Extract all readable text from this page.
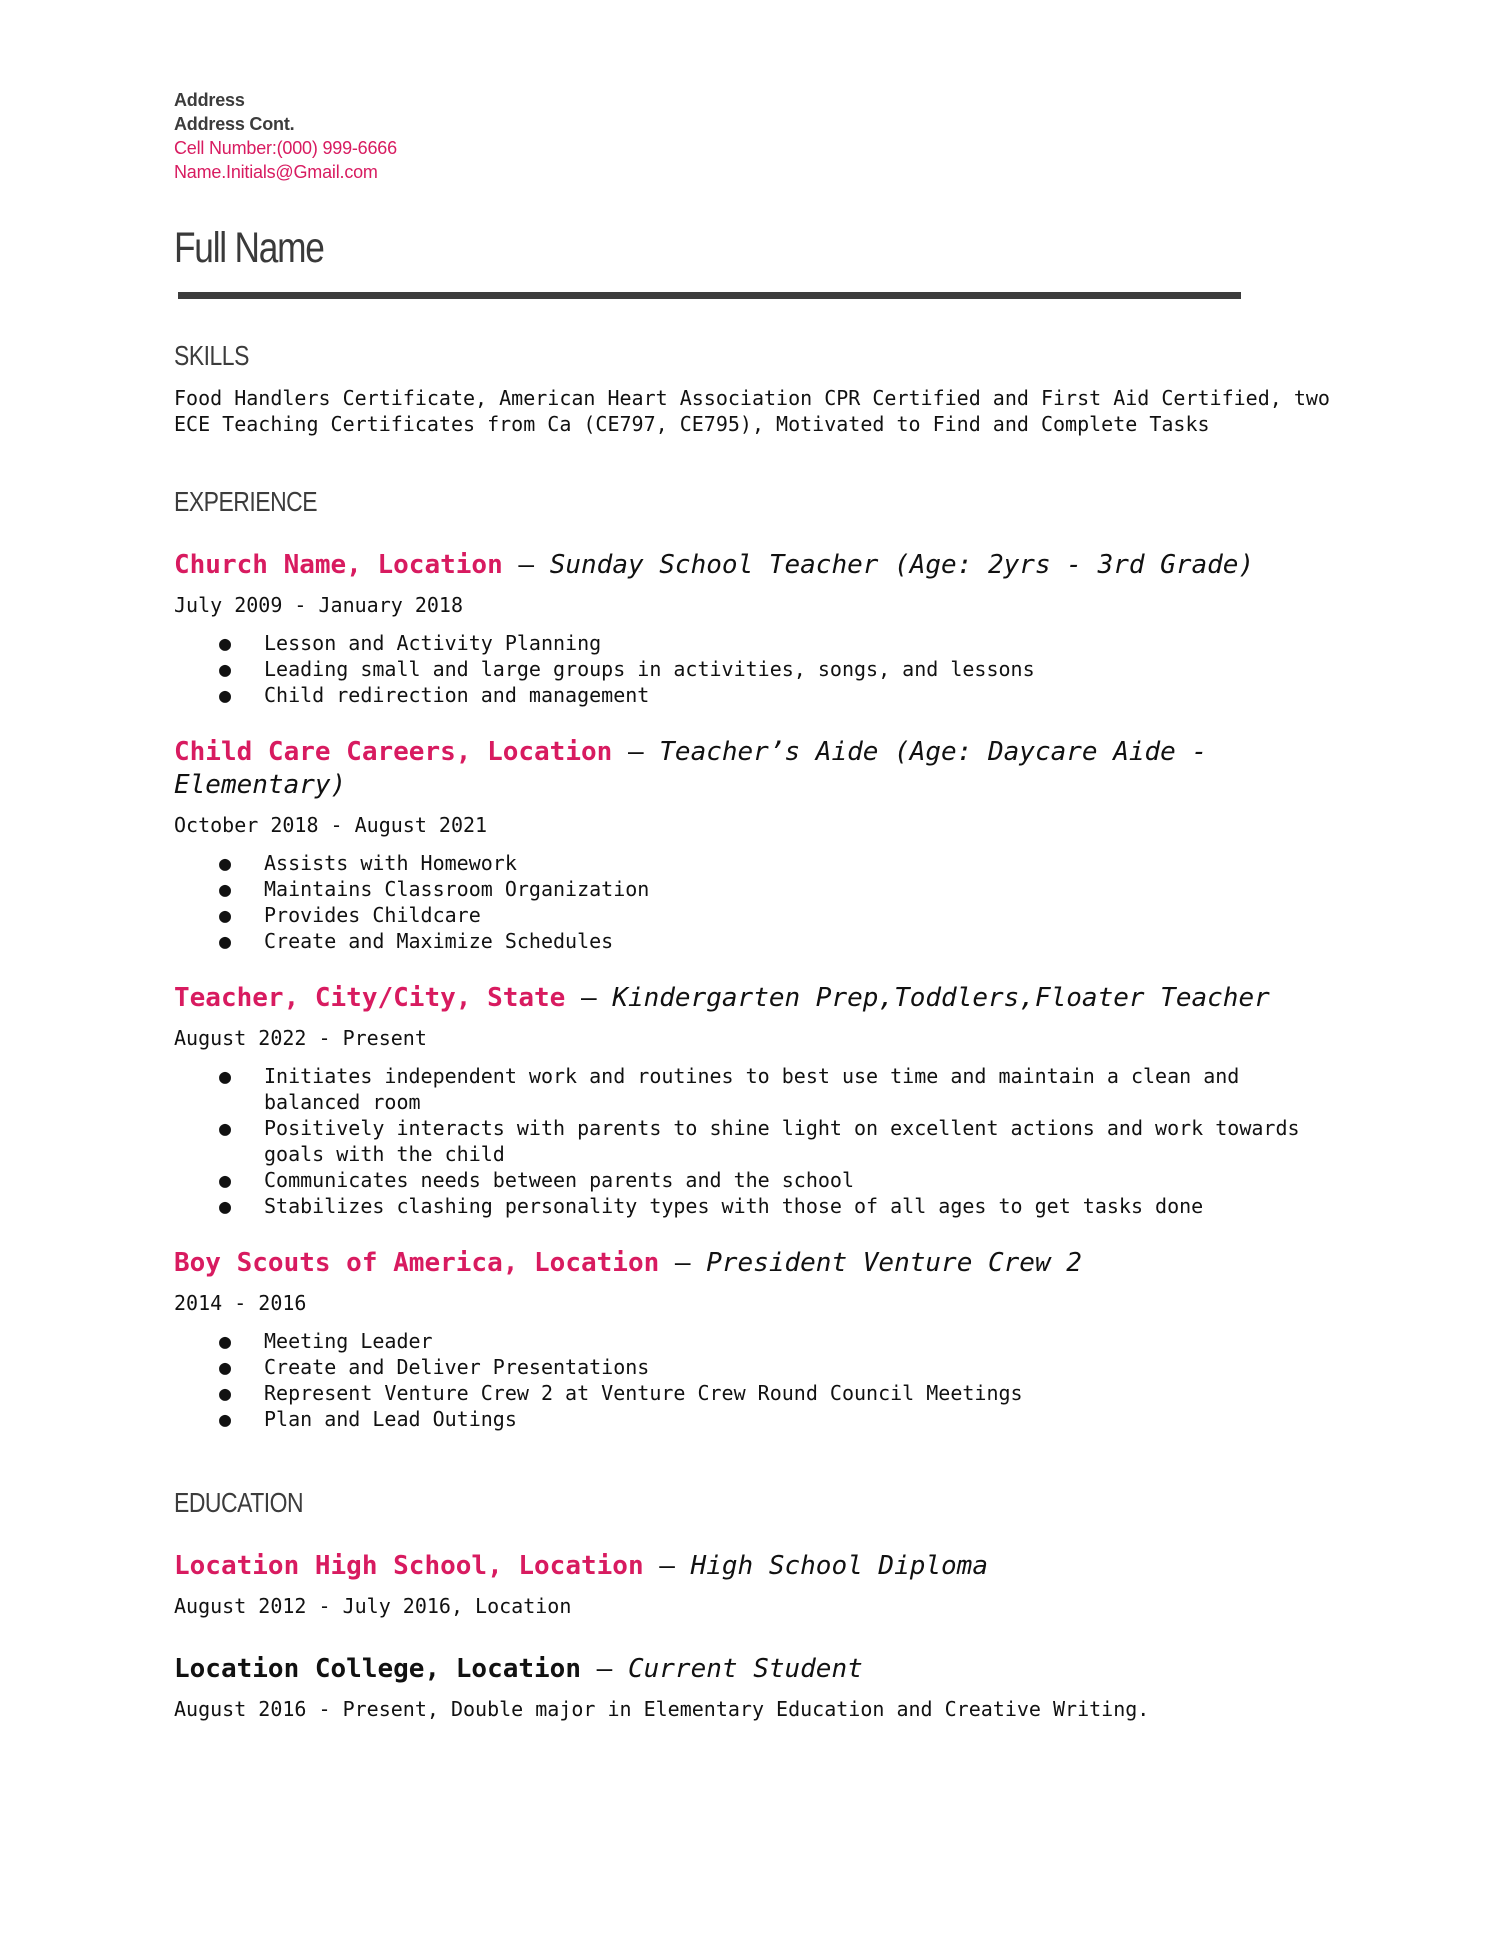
Address
Address Cont.
Cell Number:(000) 999-6666
Name.Initials@Gmail.com
Full Name
SKILLS
Food Handlers Certificate, American Heart Association CPR Certified and First Aid Certified, two ECE Teaching Certificates from Ca (CE797, CE795), Motivated to Find and Complete Tasks
EXPERIENCE
Church Name, Location — Sunday School Teacher (Age: 2yrs - 3rd Grade)
July 2009 - January 2018
● Lesson and Activity Planning
● Leading small and large groups in activities, songs, and lessons
● Child redirection and management
Child Care Careers, Location — Teacher’s Aide (Age: Daycare Aide - Elementary)
October 2018 - August 2021
● Assists with Homework
● Maintains Classroom Organization
● Provides Childcare
● Create and Maximize Schedules
Teacher, City/City, State — Kindergarten Prep,Toddlers,Floater Teacher
August 2022 - Present
● Initiates independent work and routines to best use time and maintain a clean and balanced room
● Positively interacts with parents to shine light on excellent actions and work towards goals with the child
● Communicates needs between parents and the school
● Stabilizes clashing personality types with those of all ages to get tasks done
Boy Scouts of America, Location — President Venture Crew 2
2014 - 2016
● Meeting Leader
● Create and Deliver Presentations
● Represent Venture Crew 2 at Venture Crew Round Council Meetings
● Plan and Lead Outings
EDUCATION
Location High School, Location — High School Diploma
August 2012 - July 2016, Location
Location College, Location — Current Student
August 2016 - Present, Double major in Elementary Education and Creative Writing.
